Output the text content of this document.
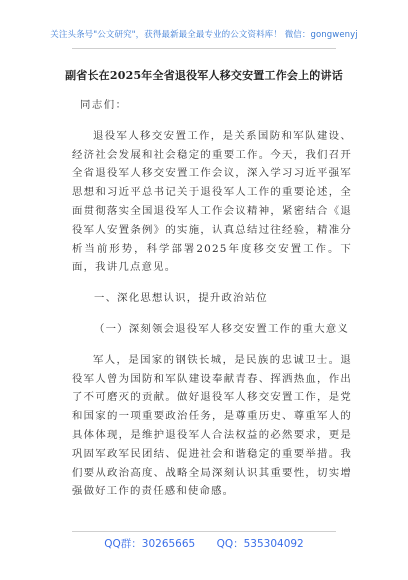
关注头条号"公文研究"，获得最新最全最专业的公文资料库！ 微信：gongwenyj
副省长在2025年全省退役军人移交安置工作会上的讲话

同志们：

退役军人移交安置工作，是关系国防和军队建设、经济社会发展和社会稳定的重要工作。今天，我们召开全省退役军人移交安置工作会议，深入学习习近平强军思想和习近平总书记关于退役军人工作的重要论述，全面贯彻落实全国退役军人工作会议精神，紧密结合《退役军人安置条例》的实施，认真总结过往经验，精准分析当前形势，科学部署2025年度移交安置工作。下面，我讲几点意见。

一、深化思想认识，提升政治站位

（一）深刻领会退役军人移交安置工作的重大意义

军人，是国家的钢铁长城，是民族的忠诚卫士。退役军人曾为国防和军队建设奉献青春、挥洒热血，作出了不可磨灭的贡献。做好退役军人移交安置工作，是党和国家的一项重要政治任务，是尊重历史、尊重军人的具体体现，是维护退役军人合法权益的必然要求，更是巩固军政军民团结、促进社会和谐稳定的重要举措。我们要从政治高度、战略全局深刻认识其重要性，切实增强做好工作的责任感和使命感。

QQ群：30265665 QQ：535304092
